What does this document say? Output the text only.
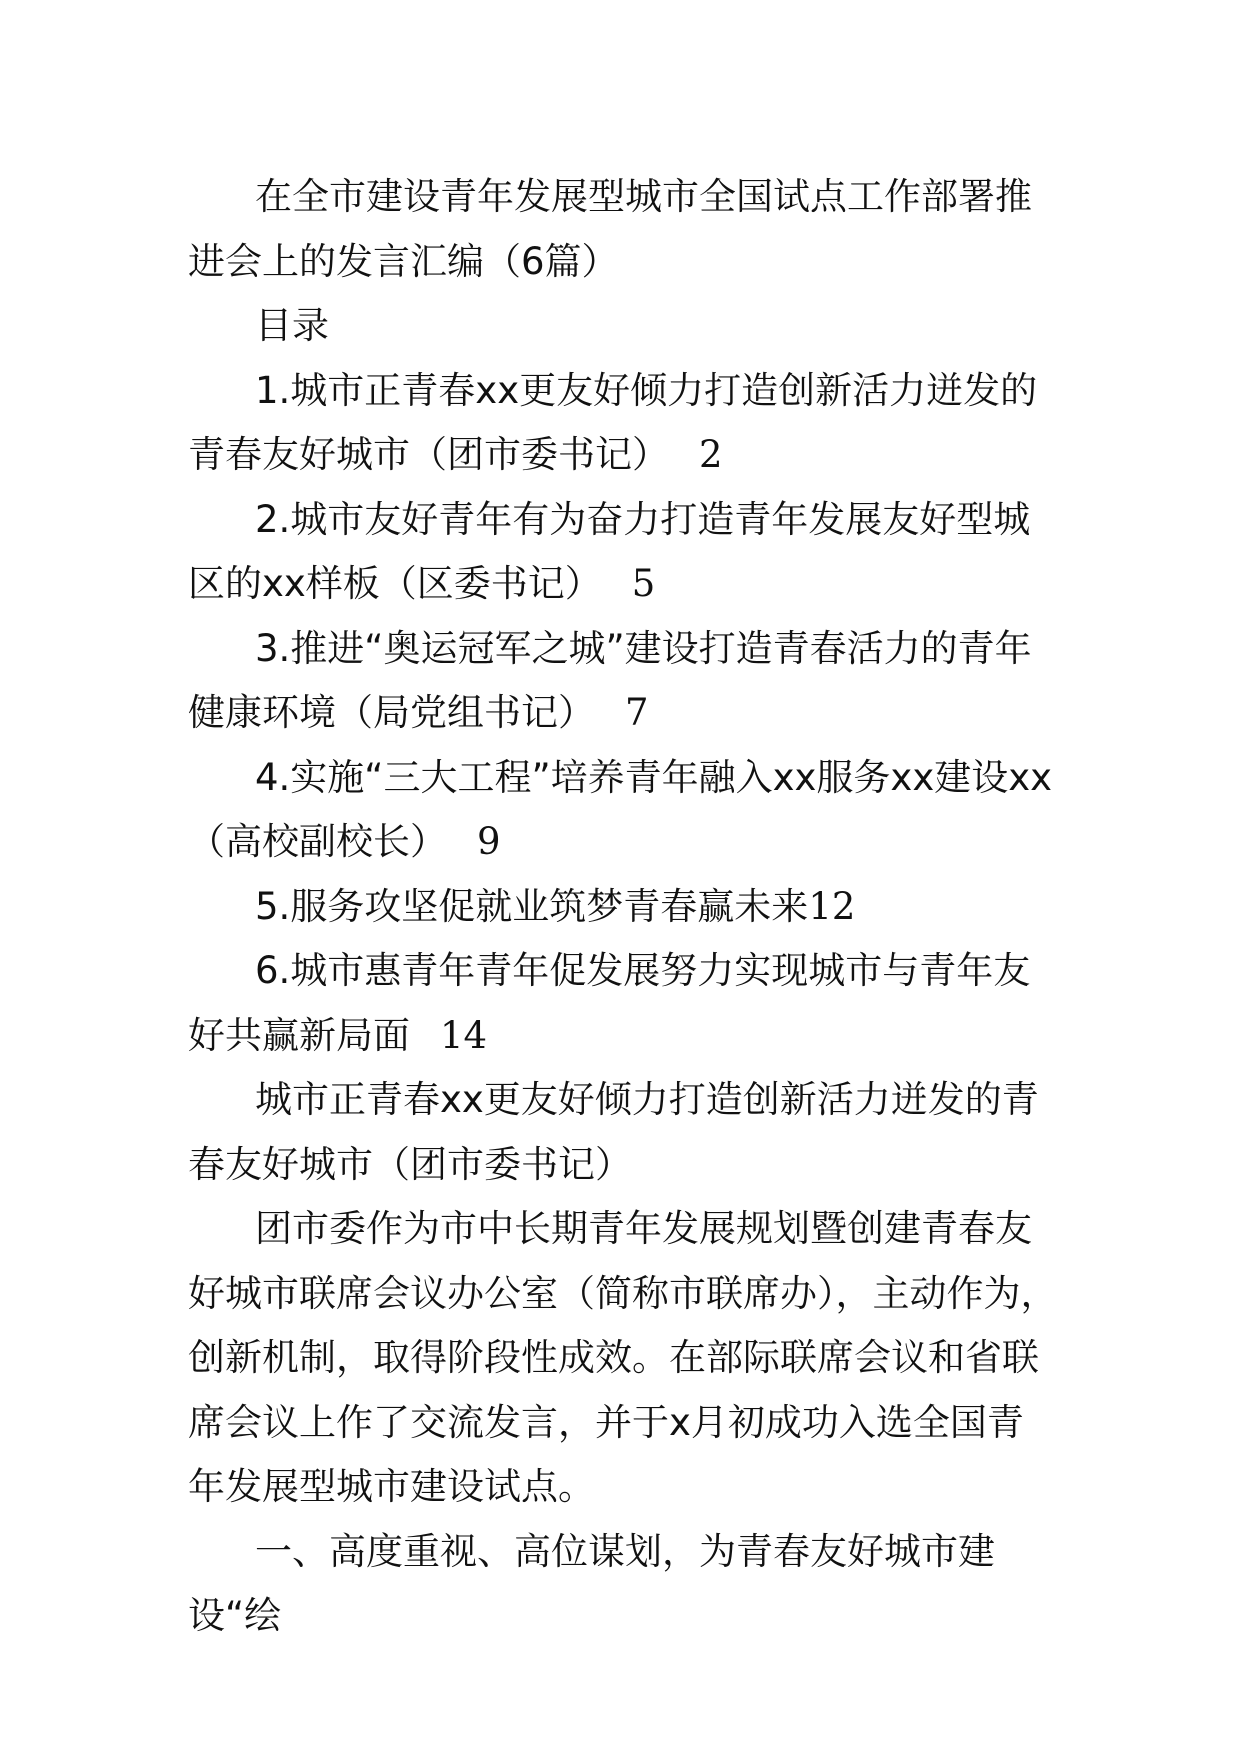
在全市建设青年发展型城市全国试点工作部署推进会上的发言汇编（6篇）

目录

1.城市正青春xx更友好倾力打造创新活力迸发的青春友好城市（团市委书记） 2

2.城市友好青年有为奋力打造青年发展友好型城区的xx样板（区委书记） 5

3.推进“奥运冠军之城”建设打造青春活力的青年健康环境（局党组书记） 7

4.实施“三大工程”培养青年融入xx服务xx建设xx（高校副校长） 9

5.服务攻坚促就业筑梦青春赢未来12

6.城市惠青年青年促发展努力实现城市与青年友好共赢新局面 14

城市正青春xx更友好倾力打造创新活力迸发的青春友好城市（团市委书记）

团市委作为市中长期青年发展规划暨创建青春友好城市联席会议办公室（简称市联席办），主动作为，创新机制，取得阶段性成效。在部际联席会议和省联席会议上作了交流发言，并于x月初成功入选全国青年发展型城市建设试点。

一、高度重视、高位谋划，为青春友好城市建设“绘
